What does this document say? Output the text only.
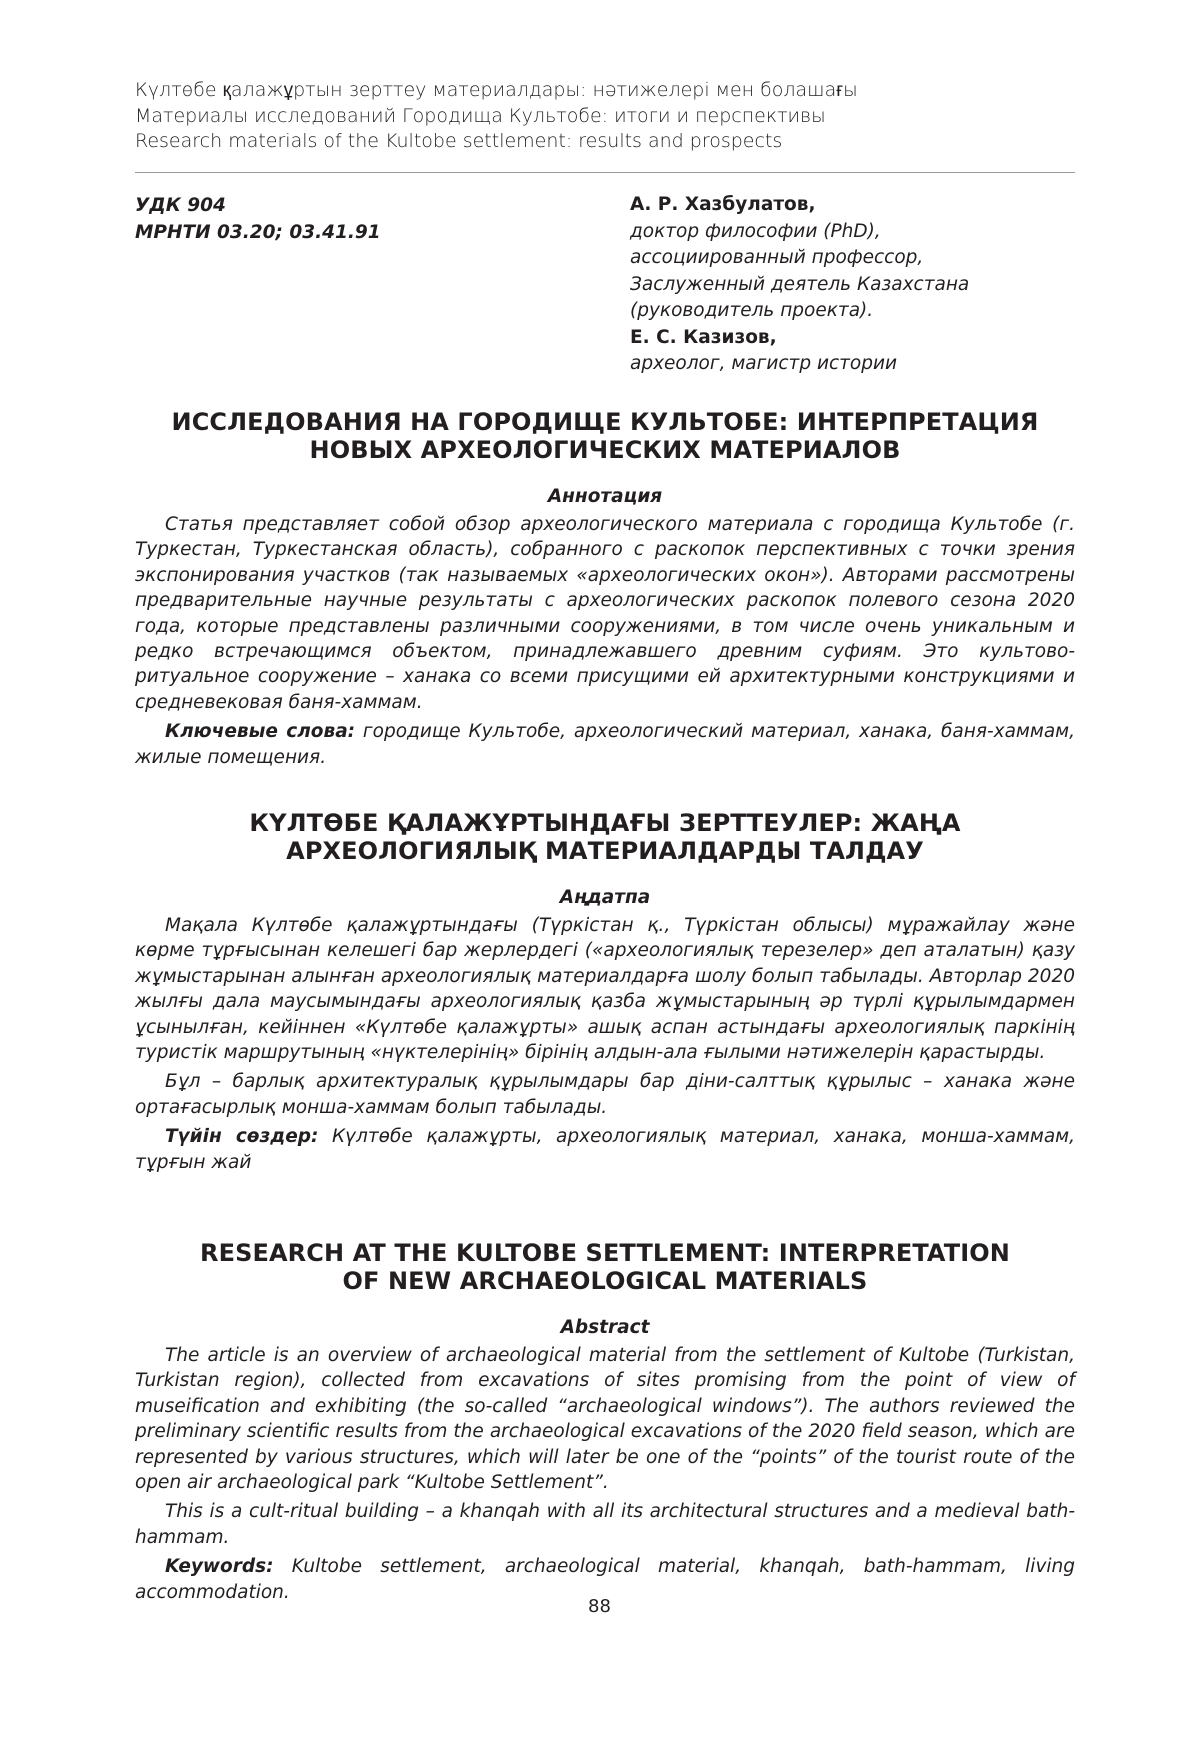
Күлтөбе қалажұртын зерттеу материалдары: нәтижелері мен болашағы
Материалы исследований Городища Культобе: итоги и перспективы
Research materials of the Kultobe settlement: results and prospects
УДК 904
МРНТИ 03.20; 03.41.91
А. Р. Хазбулатов,
доктор философии (PhD),
ассоциированный профессор,
Заслуженный деятель Казахстана
(руководитель проекта).
Е. С. Казизов,
археолог, магистр истории
ИССЛЕДОВАНИЯ НА ГОРОДИЩЕ КУЛЬТОБЕ: ИНТЕРПРЕТАЦИЯ
НОВЫХ АРХЕОЛОГИЧЕСКИХ МАТЕРИАЛОВ
Аннотация

Статья представляет собой обзор археологического материала с городища Культобе (г. Туркестан, Туркестанская область), собранного с раскопок перспективных с точки зрения экспонирования участков (так называемых «археологических окон»). Авторами рассмотрены предварительные научные результаты с археологических раскопок полевого сезона 2020 года, которые представлены различными сооружениями, в том числе очень уникальным и редко встречающимся объектом, принадлежавшего древним суфиям. Это культово-ритуальное сооружение – ханака со всеми присущими ей архитектурными конструкциями и средневековая баня-хаммам.

Ключевые слова: городище Культобе, археологический материал, ханака, баня-хаммам, жилые помещения.

КҮЛТӨБЕ ҚАЛАЖҰРТЫНДАҒЫ ЗЕРТТЕУЛЕР: ЖАҢА
АРХЕОЛОГИЯЛЫҚ МАТЕРИАЛДАРДЫ ТАЛДАУ
Аңдатпа

Мақала Күлтөбе қалажұртындағы (Түркістан қ., Түркістан облысы) мұражайлау және көрме тұрғысынан келешегі бар жерлердегі («археологиялық терезелер» деп аталатын) қазу жұмыстарынан алынған археологиялық материалдарға шолу болып табылады. Авторлар 2020 жылғы дала маусымындағы археологиялық қазба жұмыстарының әр түрлі құрылымдармен ұсынылған, кейіннен «Күлтөбе қалажұрты» ашық аспан астындағы археологиялық паркінің туристік маршрутының «нүктелерінің» бірінің алдын-ала ғылыми нәтижелерін қарастырды.

Бұл – барлық архитектуралық құрылымдары бар діни-салттық құрылыс – ханака және ортағасырлық монша-хаммам болып табылады.

Түйін сөздер: Күлтөбе қалажұрты, археологиялық материал, ханака, монша-хаммам, тұрғын жай

RESEARCH AT THE KULTOBE SETTLEMENT: INTERPRETATION
OF NEW ARCHAEOLOGICAL MATERIALS
Abstract

The article is an overview of archaeological material from the settlement of Kultobe (Turkistan, Turkistan region), collected from excavations of sites promising from the point of view of museification and exhibiting (the so-called “archaeological windows”). The authors reviewed the preliminary scientific results from the archaeological excavations of the 2020 field season, which are represented by various structures, which will later be one of the “points” of the tourist route of the open air archaeological park “Kultobe Settlement”.

This is a cult-ritual building – a khanqah with all its architectural structures and a medieval bath-hammam.

Keywords: Kultobe settlement, archaeological material, khanqah, bath-hammam, living accommodation.

88
